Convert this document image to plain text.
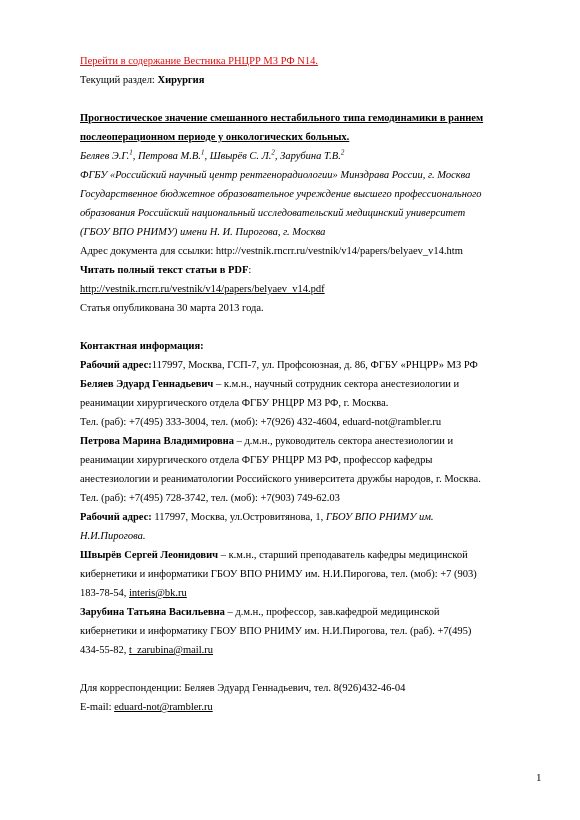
Перейти в содержание Вестника РНЦРР МЗ РФ N14.
Текущий раздел: Хирургия
Прогностическое значение смешанного нестабильного типа гемодинамики в раннем
послеоперационном периоде у онкологических больных.
Беляев Э.Г.$^1$, Петрова М.В.$^1$, Швырёв С. Л.$^2$, Зарубина Т.В.$^2$
ФГБУ «Российский научный центр рентгенорадиологии» Минздрава России, г. Москва
Государственное бюджетное образовательное учреждение высшего профессионального
образования Российский национальный исследовательский медицинский университет
(ГБОУ ВПО РНИМУ) имени Н. И. Пирогова, г. Москва
Адрес документа для ссылки: http://vestnik.rncrr.ru/vestnik/v14/papers/belyaev_v14.htm
Читать полный текст статьи в PDF:
http://vestnik.rncrr.ru/vestnik/v14/papers/belyaev_v14.pdf
Статья опубликована 30 марта 2013 года.
Контактная информация:
Рабочий адрес:117997, Москва, ГСП-7, ул. Профсоюзная, д. 86, ФГБУ «РНЦРР» МЗ РФ
Беляев Эдуард Геннадьевич – к.м.н., научный сотрудник сектора анестезиологии и
реанимации хирургического отдела ФГБУ РНЦРР МЗ РФ, г. Москва.
Тел. (раб): +7(495) 333-3004, тел. (моб): +7(926) 432-4604, eduard-not@rambler.ru
Петрова Марина Владимировна – д.м.н., руководитель сектора анестезиологии и
реанимации хирургического отдела ФГБУ РНЦРР МЗ РФ, профессор кафедры
анестезиологии и реаниматологии Российского университета дружбы народов, г. Москва.
Тел. (раб): +7(495) 728-3742, тел. (моб): +7(903) 749-62.03
Рабочий адрес: 117997, Москва, ул.Островитянова, 1, ГБОУ ВПО РНИМУ им.
Н.И.Пирогова.
Швырёв Сергей Леонидович – к.м.н., старший преподаватель кафедры медицинской
кибернетики и информатики ГБОУ ВПО РНИМУ им. Н.И.Пирогова, тел. (моб): +7 (903)
183-78-54, interis@bk.ru
Зарубина Татьяна Васильевна – д.м.н., профессор, зав.кафедрой медицинской
кибернетики и информатику ГБОУ ВПО РНИМУ им. Н.И.Пирогова, тел. (раб). +7(495)
434-55-82, t_zarubina@mail.ru
Для корреспонденции: Беляев Эдуард Геннадьевич, тел. 8(926)432-46-04
E-mail: eduard-not@rambler.ru
1
